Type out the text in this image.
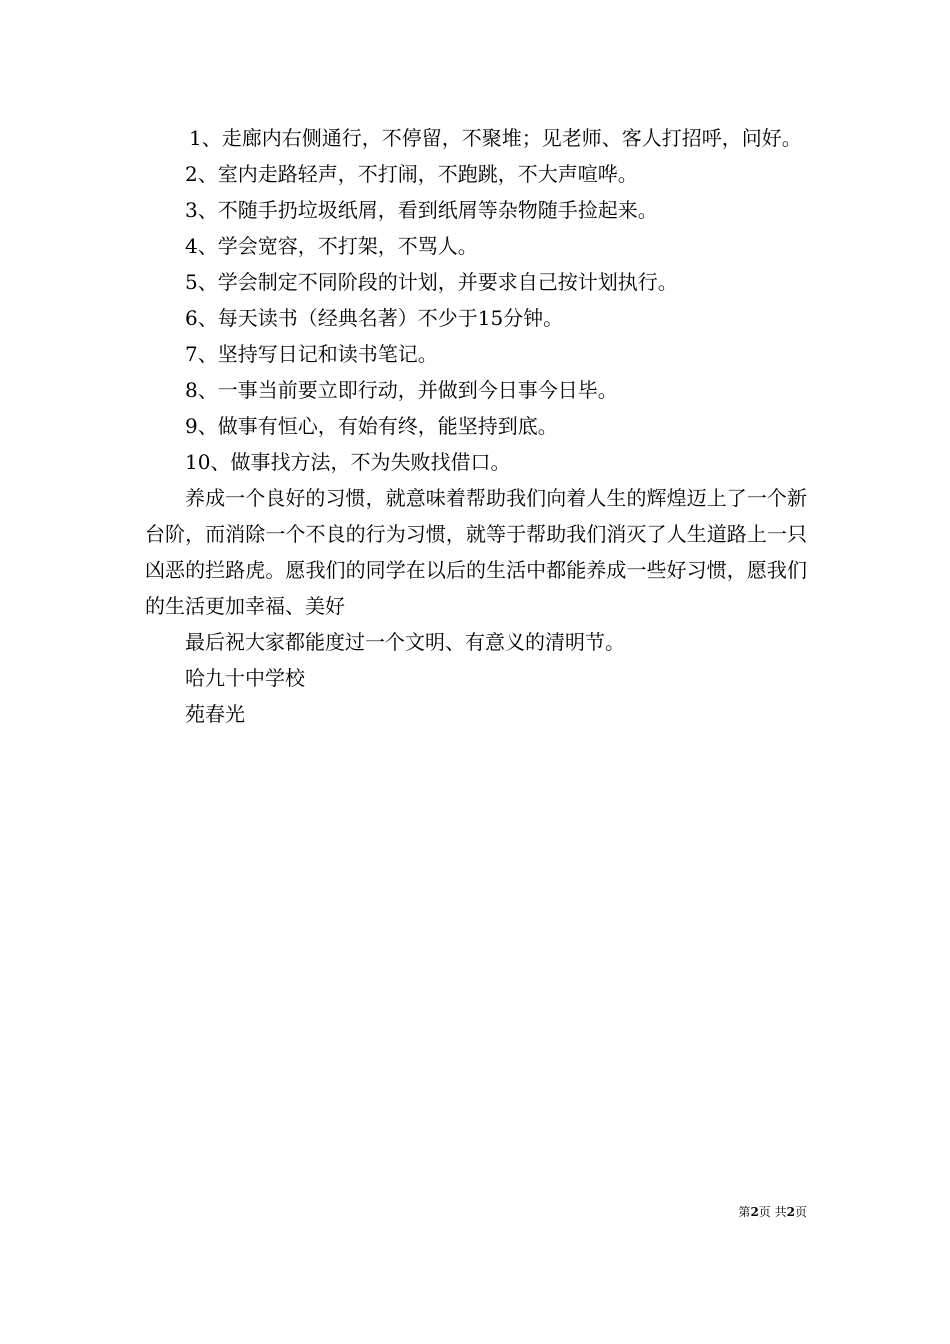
1、走廊内右侧通行，不停留，不聚堆；见老师、客人打招呼，问好。

2、室内走路轻声，不打闹，不跑跳，不大声喧哗。

3、不随手扔垃圾纸屑，看到纸屑等杂物随手捡起来。

4、学会宽容，不打架，不骂人。

5、学会制定不同阶段的计划，并要求自己按计划执行。

6、每天读书（经典名著）不少于15分钟。

7、坚持写日记和读书笔记。

8、一事当前要立即行动，并做到今日事今日毕。

9、做事有恒心，有始有终，能坚持到底。

10、做事找方法，不为失败找借口。

养成一个良好的习惯，就意味着帮助我们向着人生的辉煌迈上了一个新台阶，而消除一个不良的行为习惯，就等于帮助我们消灭了人生道路上一只凶恶的拦路虎。愿我们的同学在以后的生活中都能养成一些好习惯，愿我们的生活更加幸福、美好

最后祝大家都能度过一个文明、有意义的清明节。

哈九十中学校

苑春光

第2页 共2页
